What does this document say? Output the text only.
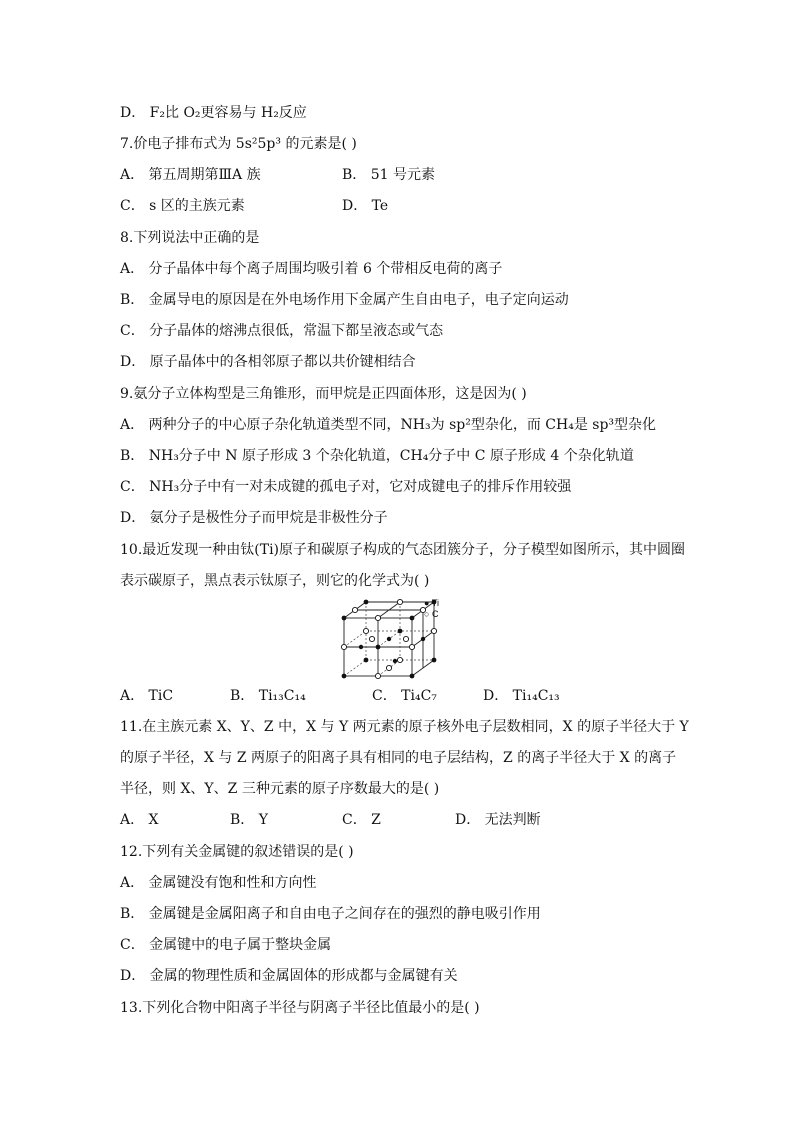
D． F₂比 O₂更容易与 H₂反应
7.价电子排布式为 5s²5p³ 的元素是( )
A． 第五周期第ⅢA 族	B． 51 号元素
C． s 区的主族元素	D． Te
8.下列说法中正确的是
A． 分子晶体中每个离子周围均吸引着 6 个带相反电荷的离子
B． 金属导电的原因是在外电场作用下金属产生自由电子，电子定向运动
C． 分子晶体的熔沸点很低，常温下都呈液态或气态
D． 原子晶体中的各相邻原子都以共价键相结合
9.氨分子立体构型是三角锥形，而甲烷是正四面体形，这是因为( )
A． 两种分子的中心原子杂化轨道类型不同，NH₃为 sp²型杂化，而 CH₄是 sp³型杂化
B． NH₃分子中 N 原子形成 3 个杂化轨道，CH₄分子中 C 原子形成 4 个杂化轨道
C． NH₃分子中有一对未成键的孤电子对，它对成键电子的排斥作用较强
D． 氨分子是极性分子而甲烷是非极性分子
10.最近发现一种由钛(Ti)原子和碳原子构成的气态团簇分子，分子模型如图所示，其中圆圈
表示碳原子，黑点表示钛原子，则它的化学式为( )
● Ti
○ C
A． TiC	B． Ti₁₃C₁₄	C． Ti₄C₇	D． Ti₁₄C₁₃
11.在主族元素 X、Y、Z 中，X 与 Y 两元素的原子核外电子层数相同，X 的原子半径大于 Y
的原子半径，X 与 Z 两原子的阳离子具有相同的电子层结构，Z 的离子半径大于 X 的离子
半径，则 X、Y、Z 三种元素的原子序数最大的是( )
A． X	B． Y	C． Z	D． 无法判断
12.下列有关金属键的叙述错误的是( )
A． 金属键没有饱和性和方向性
B． 金属键是金属阳离子和自由电子之间存在的强烈的静电吸引作用
C． 金属键中的电子属于整块金属
D． 金属的物理性质和金属固体的形成都与金属键有关
13.下列化合物中阳离子半径与阴离子半径比值最小的是( )
